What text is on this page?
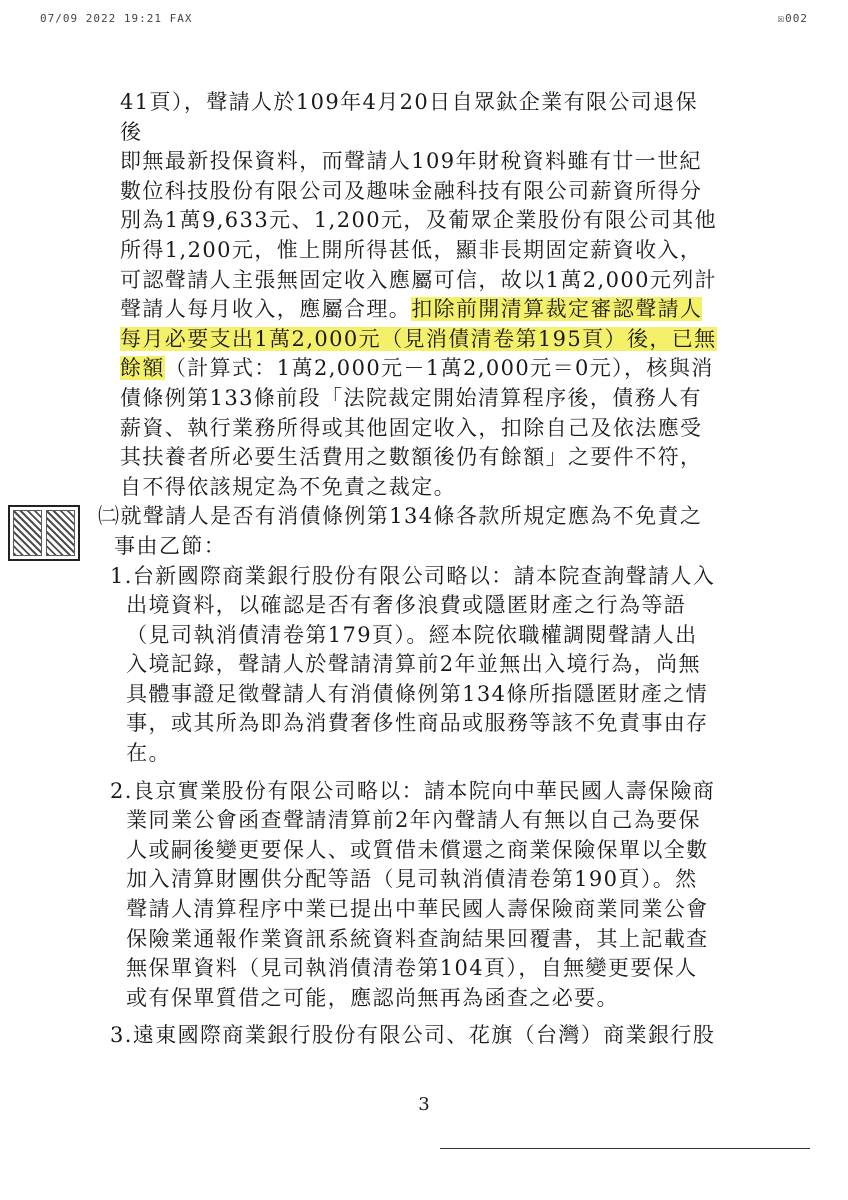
07/09 2022 19:21 FAX	☒002
41頁），聲請人於109年4月20日自眾鈦企業有限公司退保後
即無最新投保資料，而聲請人109年財稅資料雖有廿一世紀
數位科技股份有限公司及趣味金融科技有限公司薪資所得分
別為1萬9,633元、1,200元，及葡眾企業股份有限公司其他
所得1,200元，惟上開所得甚低，顯非長期固定薪資收入，
可認聲請人主張無固定收入應屬可信，故以1萬2,000元列計
聲請人每月收入，應屬合理。扣除前開清算裁定審認聲請人
每月必要支出1萬2,000元（見消債清卷第195頁）後，已無
餘額（計算式：1萬2,000元－1萬2,000元＝0元），核與消
債條例第133條前段「法院裁定開始清算程序後，債務人有
薪資、執行業務所得或其他固定收入，扣除自己及依法應受
其扶養者所必要生活費用之數額後仍有餘額」之要件不符，
自不得依該規定為不免責之裁定。
㈡就聲請人是否有消債條例第134條各款所規定應為不免責之
事由乙節：
1.台新國際商業銀行股份有限公司略以：請本院查詢聲請人入
出境資料，以確認是否有奢侈浪費或隱匿財產之行為等語
（見司執消債清卷第179頁）。經本院依職權調閱聲請人出
入境記錄，聲請人於聲請清算前2年並無出入境行為，尚無
具體事證足徵聲請人有消債條例第134條所指隱匿財產之情
事，或其所為即為消費奢侈性商品或服務等該不免責事由存
在。
2.良京實業股份有限公司略以：請本院向中華民國人壽保險商
業同業公會函查聲請清算前2年內聲請人有無以自己為要保
人或嗣後變更要保人、或質借未償還之商業保險保單以全數
加入清算財團供分配等語（見司執消債清卷第190頁）。然
聲請人清算程序中業已提出中華民國人壽保險商業同業公會
保險業通報作業資訊系統資料查詢結果回覆書，其上記載查
無保單資料（見司執消債清卷第104頁），自無變更要保人
或有保單質借之可能，應認尚無再為函查之必要。
3.遠東國際商業銀行股份有限公司、花旗（台灣）商業銀行股
3
